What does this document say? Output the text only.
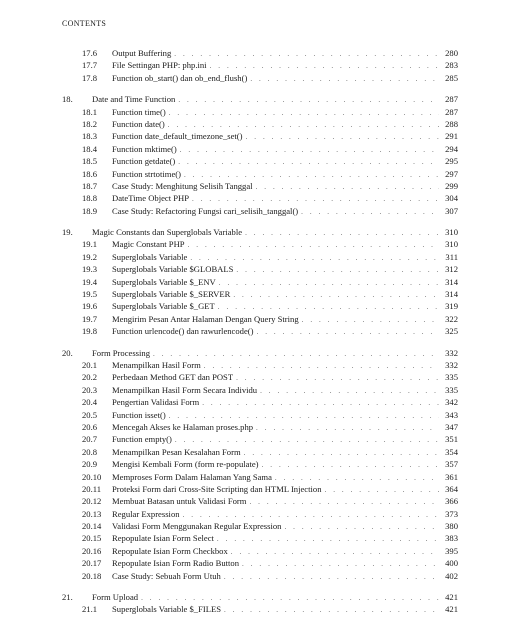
CONTENTS
17.6	Output Buffering . . .	280
17.7	File Settingan PHP: php.ini . . .	283
17.8	Function ob_start() dan ob_end_flush() . . .	285
18.	Date and Time Function . . .	287
18.1	Function time() . . .	287
18.2	Function date() . . .	288
18.3	Function date_default_timezone_set() . . .	291
18.4	Function mktime() . . .	294
18.5	Function getdate() . . .	295
18.6	Function strtotime() . . .	297
18.7	Case Study: Menghitung Selisih Tanggal . . .	299
18.8	DateTime Object PHP . . .	304
18.9	Case Study: Refactoring Fungsi cari_selisih_tanggal() . . .	307
19.	Magic Constants dan Superglobals Variable . . .	310
19.1	Magic Constant PHP . . .	310
19.2	Superglobals Variable . . .	311
19.3	Superglobals Variable $GLOBALS . . .	312
19.4	Superglobals Variable $_ENV . . .	314
19.5	Superglobals Variable $_SERVER . . .	314
19.6	Superglobals Variable $_GET . . .	319
19.7	Mengirim Pesan Antar Halaman Dengan Query String . . .	322
19.8	Function urlencode() dan rawurlencode() . . .	325
20.	Form Processing . . .	332
20.1	Menampilkan Hasil Form . . .	332
20.2	Perbedaan Method GET dan POST . . .	335
20.3	Menampilkan Hasil Form Secara Individu . . .	335
20.4	Pengertian Validasi Form . . .	342
20.5	Function isset() . . .	343
20.6	Mencegah Akses ke Halaman proses.php . . .	347
20.7	Function empty() . . .	351
20.8	Menampilkan Pesan Kesalahan Form . . .	354
20.9	Mengisi Kembali Form (form re-populate) . . .	357
20.10	Memproses Form Dalam Halaman Yang Sama . . .	361
20.11	Proteksi Form dari Cross-Site Scripting dan HTML Injection . . .	364
20.12	Membuat Batasan untuk Validasi Form . . .	366
20.13	Regular Expression . . .	373
20.14	Validasi Form Menggunakan Regular Expression . . .	380
20.15	Repopulate Isian Form Select . . .	383
20.16	Repopulate Isian Form Checkbox . . .	395
20.17	Repopulate Isian Form Radio Button . . .	400
20.18	Case Study: Sebuah Form Utuh . . .	402
21.	Form Upload . . .	421
21.1	Superglobals Variable $_FILES . . .	421
